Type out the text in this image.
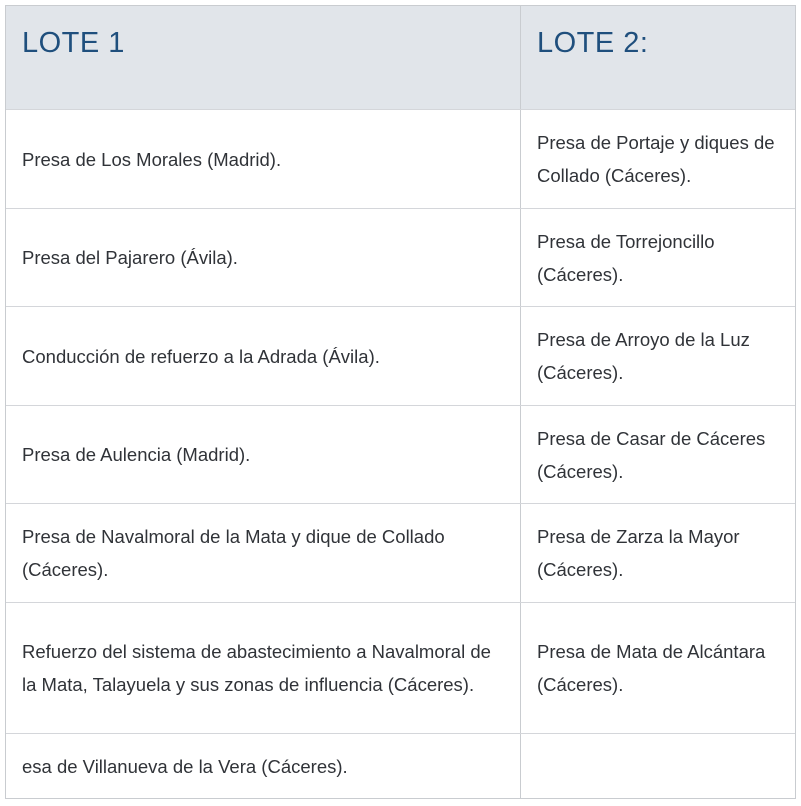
LOTE 1	LOTE 2:
Presa de Los Morales (Madrid).
Presa de Portaje y diques de Collado (Cáceres).
Presa del Pajarero (Ávila).
Presa de Torrejoncillo (Cáceres).
Conducción de refuerzo a la Adrada (Ávila).
Presa de Arroyo de la Luz (Cáceres).
Presa de Aulencia (Madrid).
Presa de Casar de Cáceres (Cáceres).
Presa de Navalmoral de la Mata y dique de Collado (Cáceres).
Presa de Zarza la Mayor (Cáceres).
Refuerzo del sistema de abastecimiento a Navalmoral de la Mata, Talayuela y sus zonas de influencia (Cáceres).
Presa de Mata de Alcántara (Cáceres).
esa de Villanueva de la Vera (Cáceres).
